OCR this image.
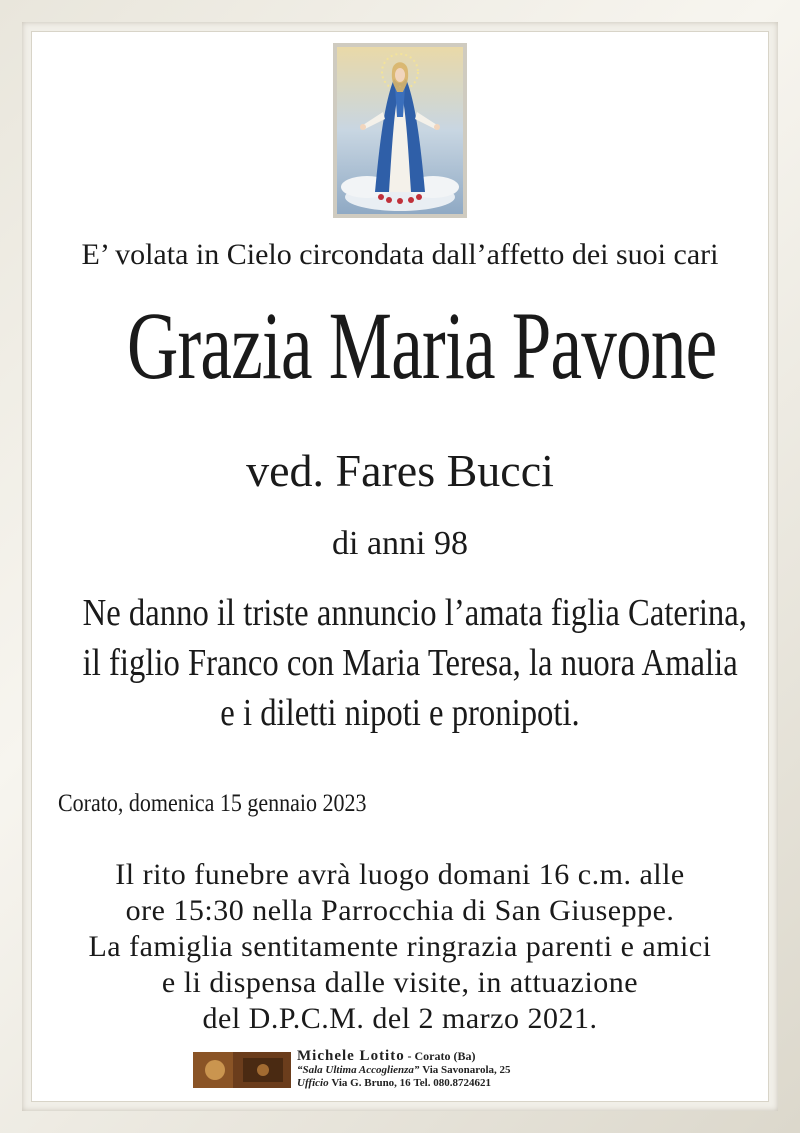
E’ volata in Cielo circondata dall’affetto dei suoi cari
Grazia Maria Pavone
ved. Fares Bucci
di anni 98
Ne danno il triste annuncio l’amata figlia Caterina,
il figlio Franco con Maria Teresa, la nuora Amalia
e i diletti nipoti e pronipoti.
Corato, domenica 15 gennaio 2023
Il rito funebre avrà luogo domani 16 c.m. alle
ore 15:30 nella Parrocchia di San Giuseppe.
La famiglia sentitamente ringrazia parenti e amici
e li dispensa dalle visite, in attuazione
del D.P.C.M. del 2 marzo 2021.
Michele Lotito - Corato (Ba)
“Sala Ultima Accoglienza” Via Savonarola, 25
Ufficio Via G. Bruno, 16 Tel. 080.8724621
